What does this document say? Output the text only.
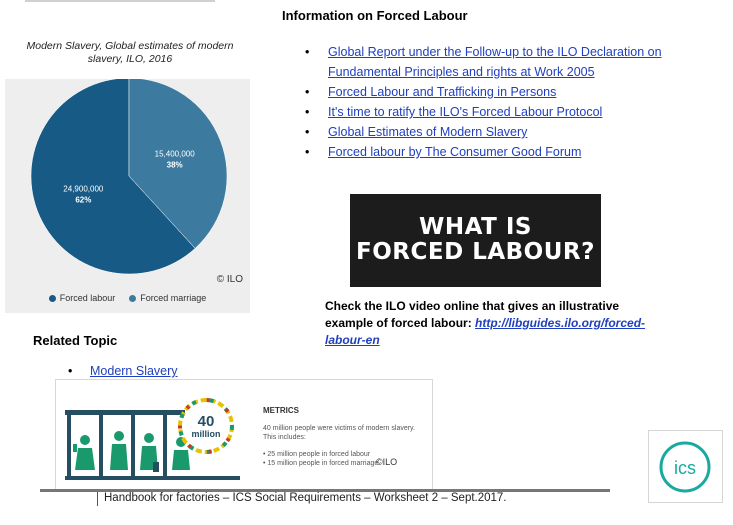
Information on Forced Labour
Modern Slavery, Global estimates of modern slavery, ILO, 2016
© ILO
Forced labour	Forced marriage
24,900,000
62%
15,400,000
38%
• Global Report under the Follow-up to the ILO Declaration on
Fundamental Principles and rights at Work 2005
• Forced Labour and Trafficking in Persons
• It's time to ratify the ILO's Forced Labour Protocol
• Global Estimates of Modern Slavery
• Forced labour by The Consumer Good Forum
WHAT IS
FORCED LABOUR?
Check the ILO video online that gives an illustrative
example of forced labour: http://libguides.ilo.org/forced-
labour-en
Related Topic
• Modern Slavery
40
million
METRICS
40 million people were victims of modern slavery. This includes:
• 25 million people in forced labour
• 15 million people in forced marriage
©ILO	ics
Handbook for factories – ICS Social Requirements – Worksheet 2 – Sept.2017.
